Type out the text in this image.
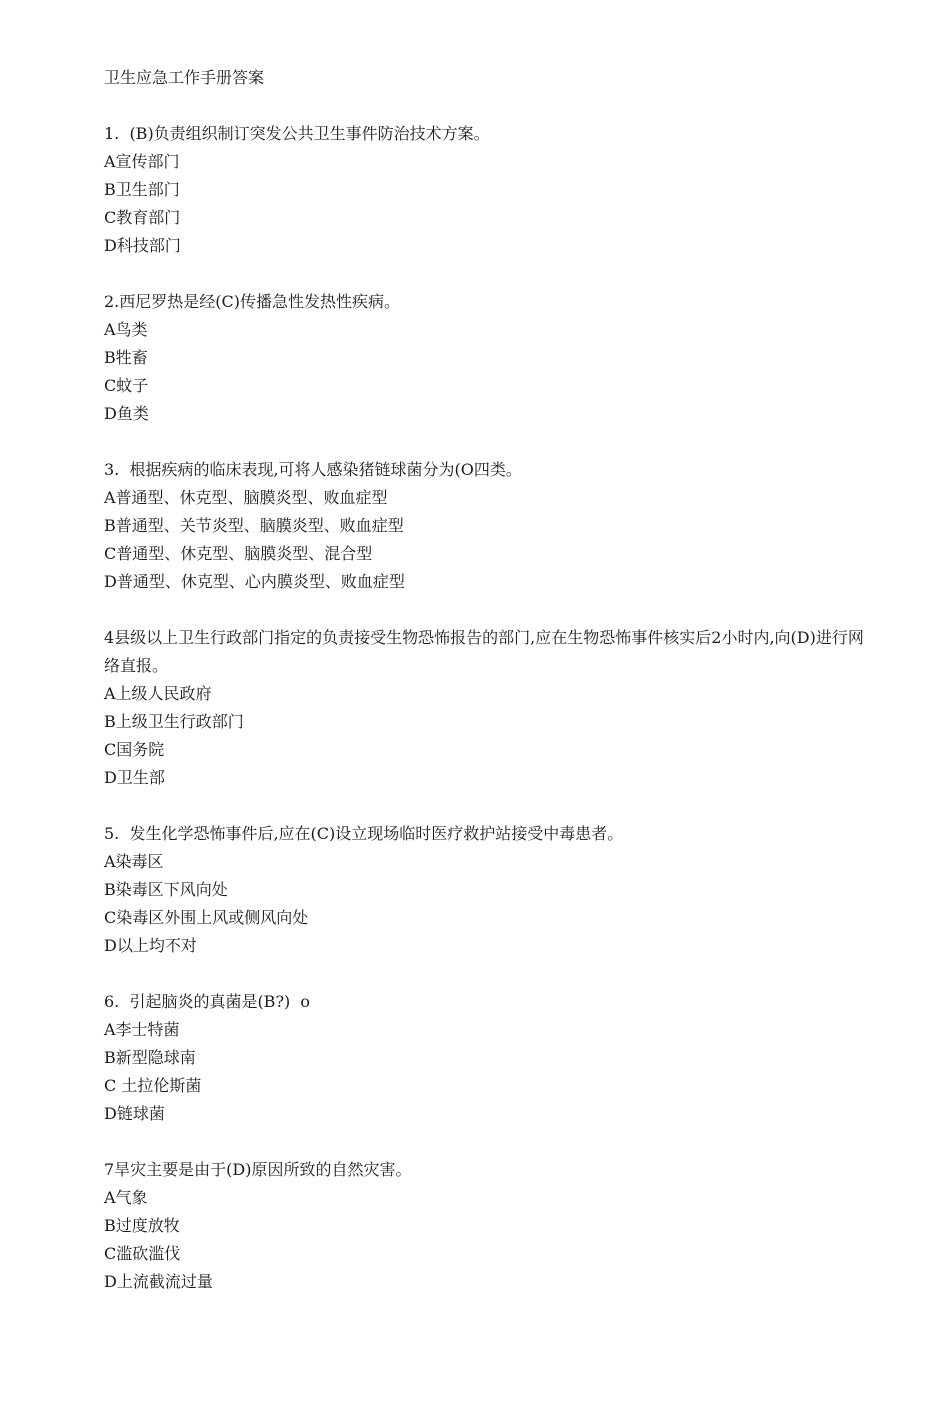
卫生应急工作手册答案

1.  (B)负责组织制订突发公共卫生事件防治技术方案。

A宣传部门
B卫生部门
C教育部门
D科技部门

2.西尼罗热是经(C)传播急性发热性疾病。

A鸟类
B牲畜
C蚊子
D鱼类

3.  根据疾病的临床表现,可将人感染猪链球菌分为(O四类。

A普通型、休克型、脑膜炎型、败血症型
B普通型、关节炎型、脑膜炎型、败血症型
C普通型、休克型、脑膜炎型、混合型
D普通型、休克型、心内膜炎型、败血症型

4县级以上卫生行政部门指定的负责接受生物恐怖报告的部门,应在生物恐怖事件核实后2小时内,向(D)进行网络直报。

A上级人民政府
B上级卫生行政部门
C国务院
D卫生部

5.  发生化学恐怖事件后,应在(C)设立现场临时医疗救护站接受中毒患者。

A染毒区
B染毒区下风向处
C染毒区外围上风或侧风向处
D以上均不对

6.  引起脑炎的真菌是(B?)  o

A李士特菌
B新型隐球南
C 土拉伦斯菌
D链球菌

7旱灾主要是由于(D)原因所致的自然灾害。

A气象
B过度放牧
C滥砍滥伐
D上流截流过量
